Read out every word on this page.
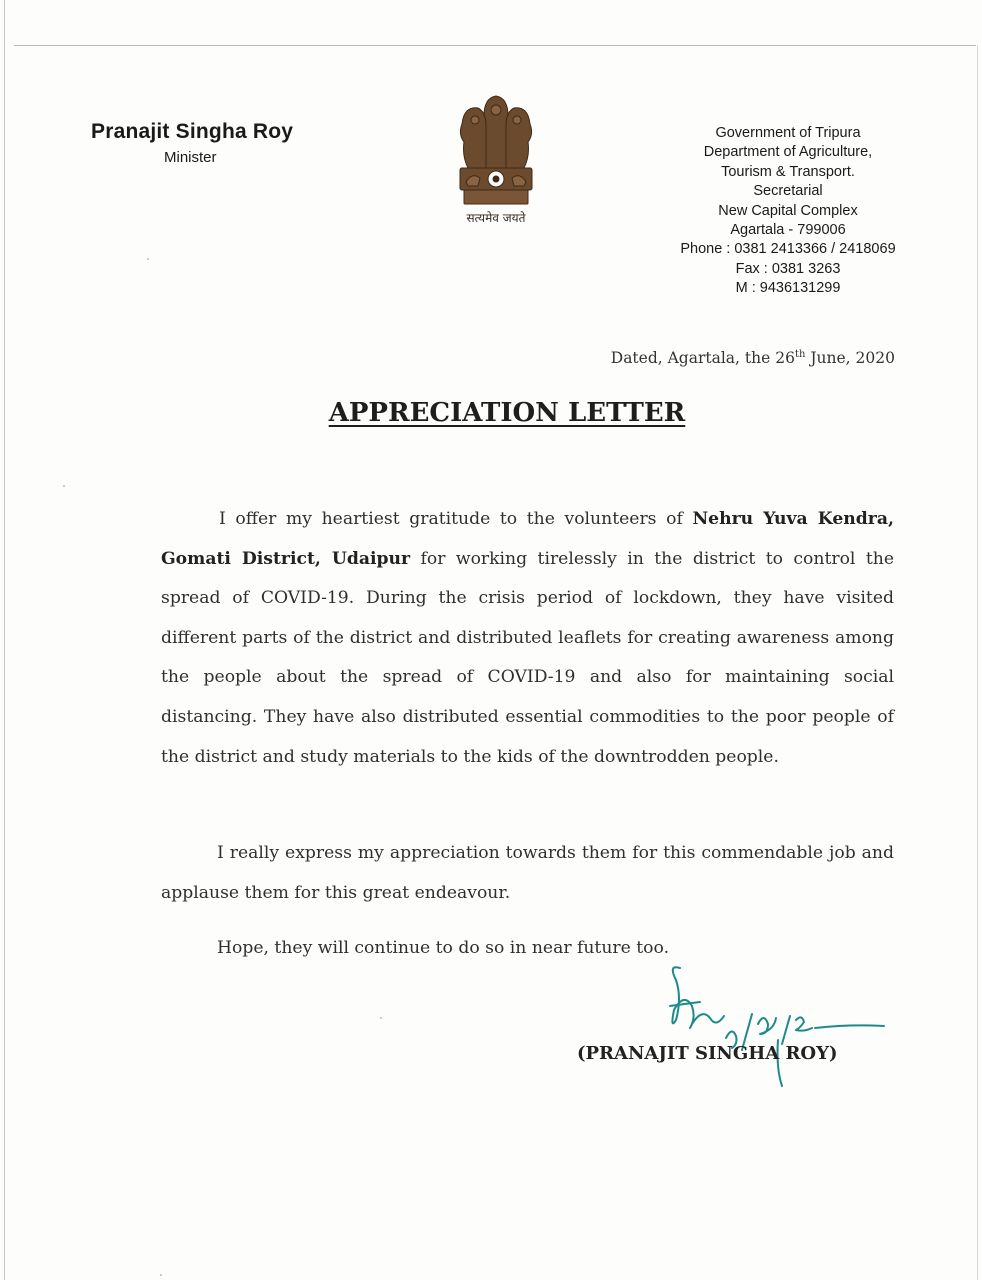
Pranajit Singha Roy
Minister
सत्यमेव जयते
Government of Tripura
Department of Agriculture,
Tourism & Transport.
Secretarial
New Capital Complex
Agartala - 799006
Phone : 0381 2413366 / 2418069
Fax : 0381 3263
M : 9436131299
Dated, Agartala, the 26th June, 2020
APPRECIATION LETTER

I offer my heartiest gratitude to the volunteers of Nehru Yuva Kendra, Gomati District, Udaipur for working tirelessly in the district to control the spread of COVID-19. During the crisis period of lockdown, they have visited different parts of the district and distributed leaflets for creating awareness among the people about the spread of COVID-19 and also for maintaining social distancing. They have also distributed essential commodities to the poor people of the district and study materials to the kids of the downtrodden people.

I really express my appreciation towards them for this commendable job and applause them for this great endeavour.

Hope, they will continue to do so in near future too.

(PRANAJIT SINGHA ROY)
